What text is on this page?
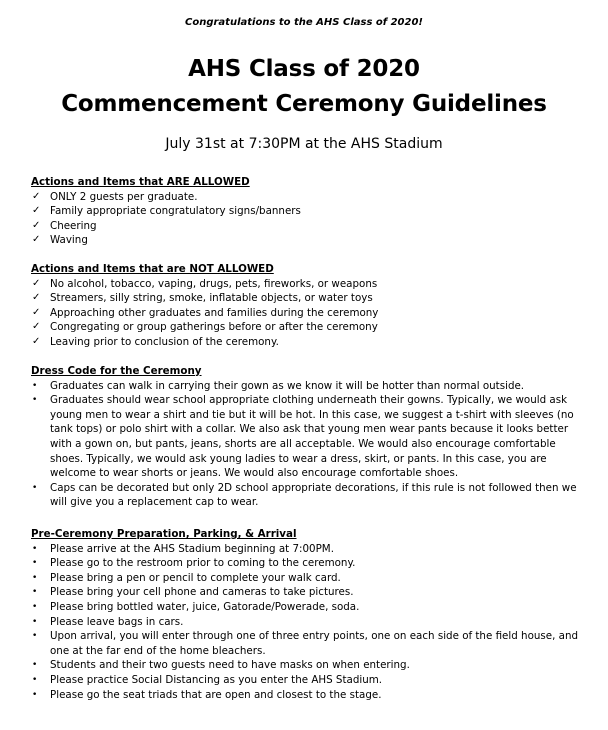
Congratulations to the AHS Class of 2020!
AHS Class of 2020
Commencement Ceremony Guidelines
July 31st at 7:30PM at the AHS Stadium
Actions and Items that ARE ALLOWED
✓ ONLY 2 guests per graduate.
✓ Family appropriate congratulatory signs/banners
✓ Cheering
✓ Waving
Actions and Items that are NOT ALLOWED
✓ No alcohol, tobacco, vaping, drugs, pets, fireworks, or weapons
✓ Streamers, silly string, smoke, inflatable objects, or water toys
✓ Approaching other graduates and families during the ceremony
✓ Congregating or group gatherings before or after the ceremony
✓ Leaving prior to conclusion of the ceremony.
Dress Code for the Ceremony
• Graduates can walk in carrying their gown as we know it will be hotter than normal outside.
• Graduates should wear school appropriate clothing underneath their gowns. Typically, we would ask young men to wear a shirt and tie but it will be hot. In this case, we suggest a t-shirt with sleeves (no tank tops) or polo shirt with a collar. We also ask that young men wear pants because it looks better with a gown on, but pants, jeans, shorts are all acceptable. We would also encourage comfortable shoes. Typically, we would ask young ladies to wear a dress, skirt, or pants. In this case, you are welcome to wear shorts or jeans. We would also encourage comfortable shoes.
• Caps can be decorated but only 2D school appropriate decorations, if this rule is not followed then we will give you a replacement cap to wear.
Pre-Ceremony Preparation, Parking, & Arrival
• Please arrive at the AHS Stadium beginning at 7:00PM.
• Please go to the restroom prior to coming to the ceremony.
• Please bring a pen or pencil to complete your walk card.
• Please bring your cell phone and cameras to take pictures.
• Please bring bottled water, juice, Gatorade/Powerade, soda.
• Please leave bags in cars.
• Upon arrival, you will enter through one of three entry points, one on each side of the field house, and one at the far end of the home bleachers.
• Students and their two guests need to have masks on when entering.
• Please practice Social Distancing as you enter the AHS Stadium.
• Please go the seat triads that are open and closest to the stage.
